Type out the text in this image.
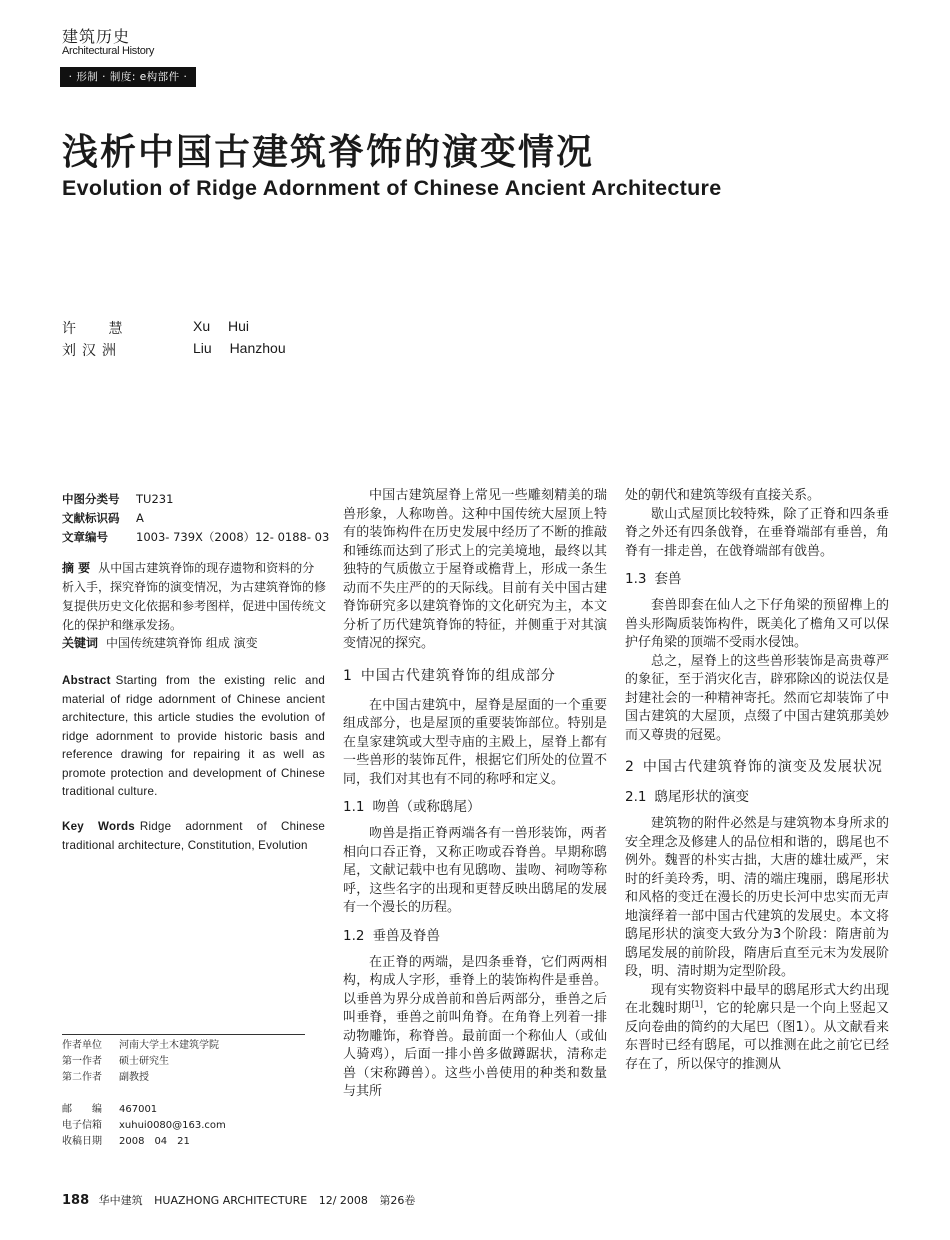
建筑历史
Architectural History
· 形制 · 制度: e构部件 ·
浅析中国古建筑脊饰的演变情况
Evolution of Ridge Adornment of Chinese Ancient Architecture
许 慧	Xu Hui
刘汉洲	Liu Hanzhou
中图分类号 TU231
文献标识码 A
文章编号 1003- 739X（2008）12- 0188- 03
摘 要 从中国古建筑脊饰的现存遗物和资料的分析入手，探究脊饰的演变情况，为古建筑脊饰的修复提供历史文化依据和参考图样，促进中国传统文化的保护和继承发扬。
关键词 中国传统建筑脊饰 组成 演变
Abstract Starting from the existing relic and material of ridge adornment of Chinese ancient architecture, this article studies the evolution of ridge adornment to provide historic basis and reference drawing for repairing it as well as promote protection and development of Chinese traditional culture.
Key Words Ridge adornment of Chinese traditional architecture, Constitution, Evolution
作者单位 河南大学土木建筑学院
第一作者 硕士研究生
第二作者 副教授
邮　　编 467001
电子信箱 xuhui0080@163.com
收稿日期 2008　04　21

中国古建筑屋脊上常见一些雕刻精美的瑞兽形象，人称吻兽。这种中国传统大屋顶上特有的装饰构件在历史发展中经历了不断的推敲和锤练而达到了形式上的完美境地，最终以其独特的气质傲立于屋脊或檐背上，形成一条生动而不失庄严的的天际线。目前有关中国古建脊饰研究多以建筑脊饰的文化研究为主，本文分析了历代建筑脊饰的特征，并侧重于对其演变情况的探究。

1 中国古代建筑脊饰的组成部分

在中国古建筑中，屋脊是屋面的一个重要组成部分，也是屋顶的重要装饰部位。特别是在皇家建筑或大型寺庙的主殿上，屋脊上都有一些兽形的装饰瓦件，根据它们所处的位置不同，我们对其也有不同的称呼和定义。

1.1 吻兽（或称鸱尾）

吻兽是指正脊两端各有一兽形装饰，两者相向口吞正脊，又称正吻或吞脊兽。早期称鸱尾，文献记载中也有见鸱吻、蚩吻、祠吻等称呼，这些名字的出现和更替反映出鸱尾的发展有一个漫长的历程。

1.2 垂兽及脊兽

在正脊的两端，是四条垂脊，它们两两相构，构成人字形，垂脊上的装饰构件是垂兽。以垂兽为界分成兽前和兽后两部分，垂兽之后叫垂脊，垂兽之前叫角脊。在角脊上列着一排动物雕饰，称脊兽。最前面一个称仙人（或仙人骑鸡），后面一排小兽多做蹲踞状，清称走兽（宋称蹲兽）。这些小兽使用的种类和数量与其所

处的朝代和建筑等级有直接关系。

歇山式屋顶比较特殊，除了正脊和四条垂脊之外还有四条戗脊，在垂脊端部有垂兽，角脊有一排走兽，在戗脊端部有戗兽。

1.3 套兽

套兽即套在仙人之下仔角梁的预留榫上的兽头形陶质装饰构件，既美化了檐角又可以保护仔角梁的顶端不受雨水侵蚀。

总之，屋脊上的这些兽形装饰是高贵尊严的象征，至于消灾化吉，辟邪除凶的说法仅是封建社会的一种精神寄托。然而它却装饰了中国古建筑的大屋顶，点缀了中国古建筑那美妙而又尊贵的冠冕。

2 中国古代建筑脊饰的演变及发展状况
2.1 鸱尾形状的演变

建筑物的附件必然是与建筑物本身所求的安全理念及修建人的品位相和谐的，鸱尾也不例外。魏晋的朴实古拙，大唐的雄壮威严，宋时的纤美玲秀，明、清的端庄瑰丽，鸱尾形状和风格的变迁在漫长的历史长河中忠实而无声地演绎着一部中国古代建筑的发展史。本文将鸱尾形状的演变大致分为3个阶段：隋唐前为鸱尾发展的前阶段，隋唐后直至元末为发展阶段，明、清时期为定型阶段。

现有实物资料中最早的鸱尾形式大约出现在北魏时期[1]，它的轮廓只是一个向上竖起又反向卷曲的简约的大尾巴（图1）。从文献看来东晋时已经有鸱尾，可以推测在此之前它已经存在了，所以保守的推测从

188 华中建筑 HUAZHONG ARCHITECTURE 12/ 2008 第26卷
